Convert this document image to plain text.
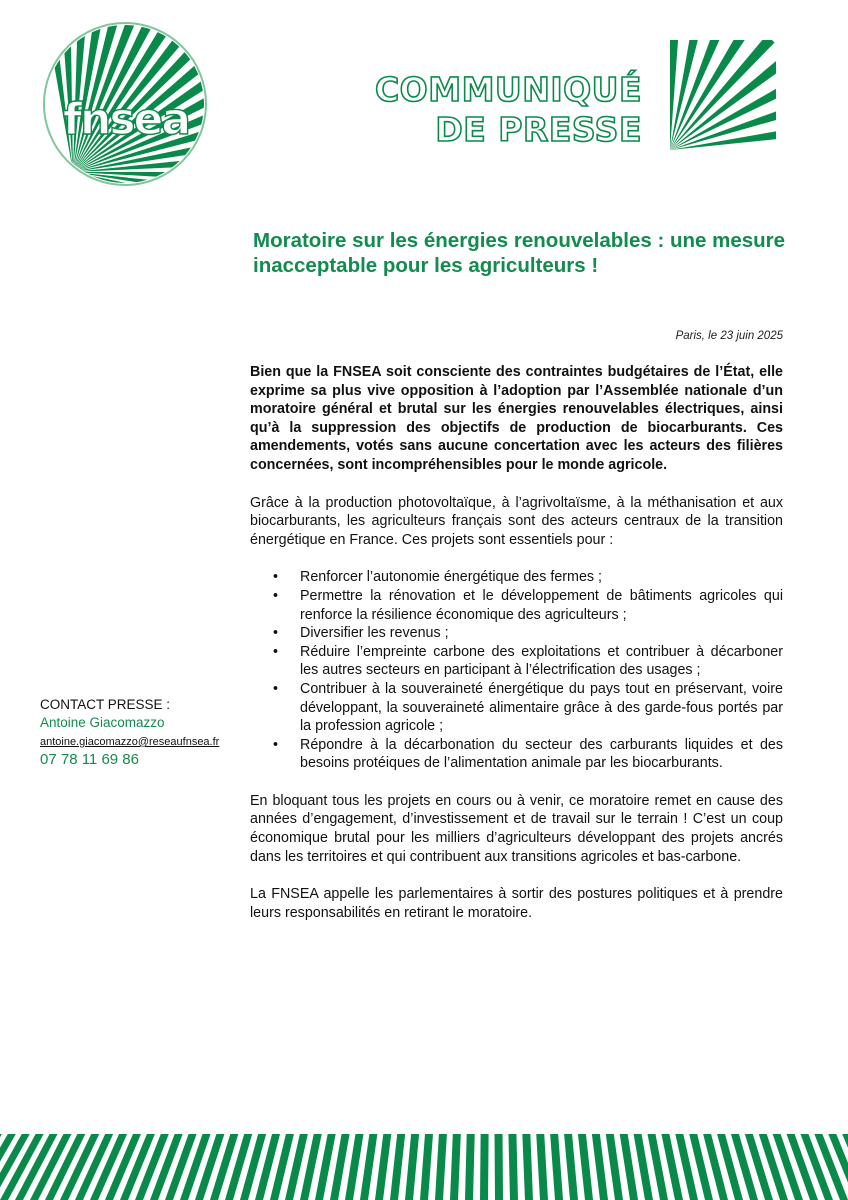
fnsea
COMMUNIQUÉ
DE PRESSE
Moratoire sur les énergies renouvelables : une mesure inacceptable pour les agriculteurs !
Paris, le 23 juin 2025

Bien que la FNSEA soit consciente des contraintes budgétaires de l’État, elle exprime sa plus vive opposition à l’adoption par l’Assemblée nationale d’un moratoire général et brutal sur les énergies renouvelables électriques, ainsi qu’à la suppression des objectifs de production de biocarburants. Ces amendements, votés sans aucune concertation avec les acteurs des filières concernées, sont incompréhensibles pour le monde agricole.

Grâce à la production photovoltaïque, à l’agrivoltaïsme, à la méthanisation et aux biocarburants, les agriculteurs français sont des acteurs centraux de la transition énergétique en France. Ces projets sont essentiels pour :

• Renforcer l’autonomie énergétique des fermes ;
• Permettre la rénovation et le développement de bâtiments agricoles qui renforce la résilience économique des agriculteurs ;
• Diversifier les revenus ;
• Réduire l’empreinte carbone des exploitations et contribuer à décarboner les autres secteurs en participant à l’électrification des usages ;
• Contribuer à la souveraineté énergétique du pays tout en préservant, voire développant, la souveraineté alimentaire grâce à des garde-fous portés par la profession agricole ;
• Répondre à la décarbonation du secteur des carburants liquides et des besoins protéiques de l’alimentation animale par les biocarburants.

En bloquant tous les projets en cours ou à venir, ce moratoire remet en cause des années d’engagement, d’investissement et de travail sur le terrain ! C’est un coup économique brutal pour les milliers d’agriculteurs développant des projets ancrés dans les territoires et qui contribuent aux transitions agricoles et bas-carbone.

La FNSEA appelle les parlementaires à sortir des postures politiques et à prendre leurs responsabilités en retirant le moratoire.

CONTACT PRESSE :
Antoine Giacomazzo
antoine.giacomazzo@reseaufnsea.fr
07 78 11 69 86
